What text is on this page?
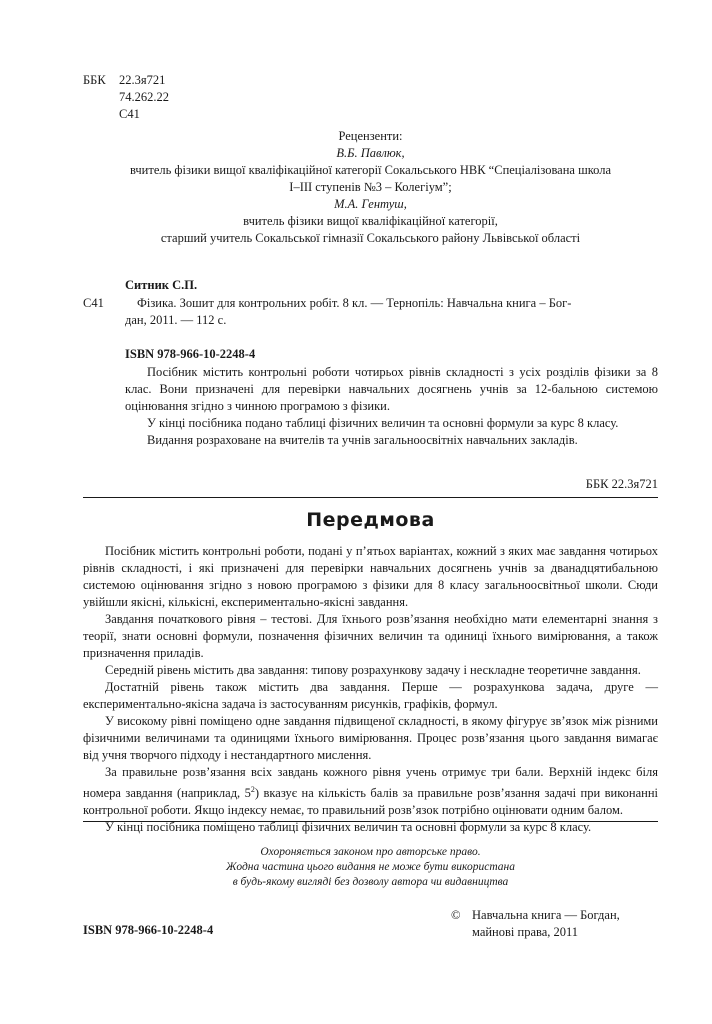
ББК 22.3я721
74.262.22
С41
Рецензенти:
В.Б. Павлюк,
вчитель фізики вищої кваліфікаційної категорії Сокальського НВК “Спеціалізована школа
І–ІІІ ступенів №3 – Колегіум”;
М.А. Гентуш,
вчитель фізики вищої кваліфікаційної категорії,
старший учитель Сокальської гімназії Сокальського району Львівської області
Ситник С.П.
С41	Фізика. Зошит для контрольних робіт. 8 кл. — Тернопіль: Навчальна книга – Бог-
дан, 2011. — 112 с.
ISBN 978-966-10-2248-4

Посібник містить контрольні роботи чотирьох рівнів складності з усіх розділів фізики за 8 клас. Вони призначені для перевірки навчальних досягнень учнів за 12-бальною системою оцінювання згідно з чинною програмою з фізики.

У кінці посібника подано таблиці фізичних величин та основні формули за курс 8 класу.

Видання розраховане на вчителів та учнів загальноосвітніх навчальних закладів.

ББК 22.3я721
Передмова

Посібник містить контрольні роботи, подані у п’ятьох варіантах, кожний з яких має завдання чотирьох рівнів складності, і які призначені для перевірки навчальних досягнень учнів за дванадцятибальною системою оцінювання згідно з новою програмою з фізики для 8 класу загальноосвітньої школи. Сюди увійшли якісні, кількісні, експериментально-якісні завдання.

Завдання початкового рівня – тестові. Для їхнього розв’язання необхідно мати елементарні знання з теорії, знати основні формули, позначення фізичних величин та одиниці їхнього вимірювання, а також призначення приладів.

Середній рівень містить два завдання: типову розрахункову задачу і нескладне теоретичне завдання.

Достатній рівень також містить два завдання. Перше — розрахункова задача, друге — експериментально-якісна задача із застосуванням рисунків, графіків, формул.

У високому рівні поміщено одне завдання підвищеної складності, в якому фігурує зв’язок між різними фізичними величинами та одиницями їхнього вимірювання. Процес розв’язання цього завдання вимагає від учня творчого підходу і нестандартного мислення.

За правильне розв’язання всіх завдань кожного рівня учень отримує три бали. Верхній індекс біля номера завдання (наприклад, $5^2$) вказує на кількість балів за правильне розв’язання задачі при виконанні контрольної роботи. Якщо індексу немає, то правильний розв’язок потрібно оцінювати одним балом.

У кінці посібника поміщено таблиці фізичних величин та основні формули за курс 8 класу.

Охороняється законом про авторське право.
Жодна частина цього видання не може бути використана
в будь-якому вигляді без дозволу автора чи видавництва
ISBN 978-966-10-2248-4
© Навчальна книга — Богдан,
майнові права, 2011
